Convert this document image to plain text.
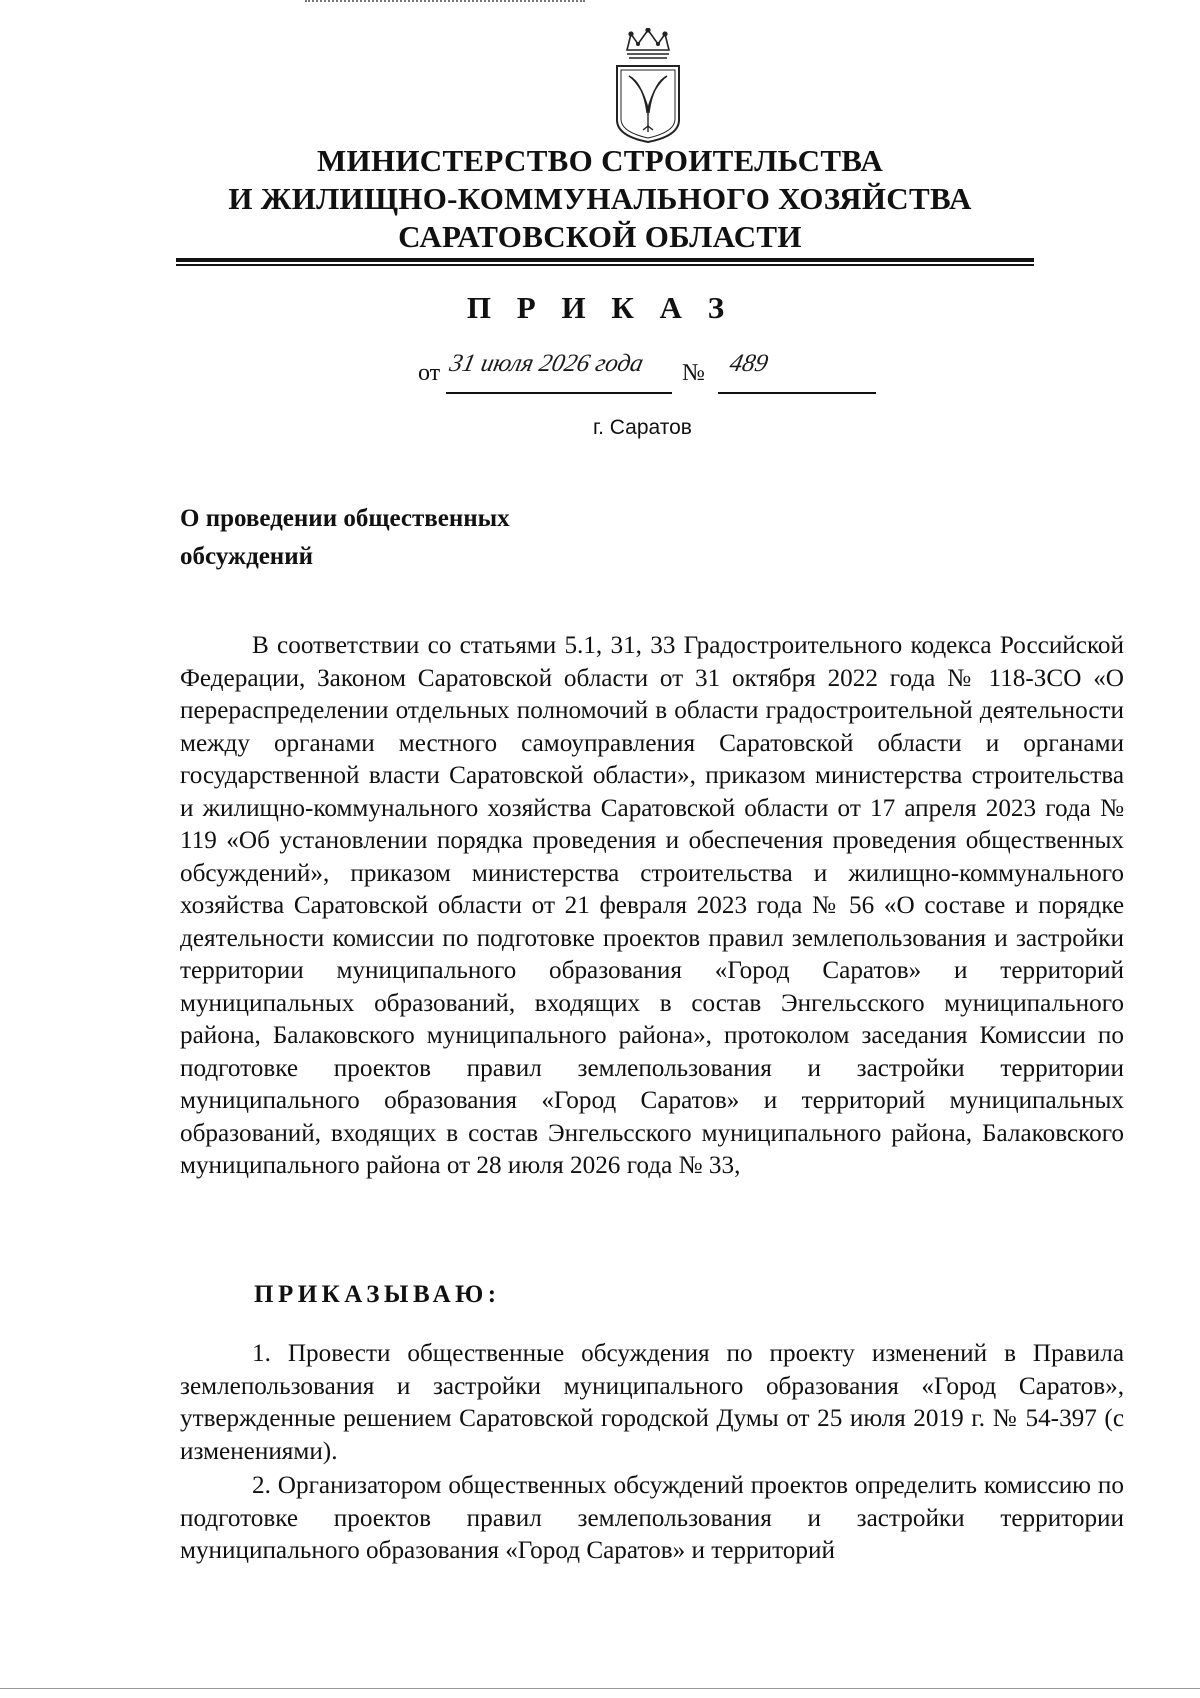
МИНИСТЕРСТВО СТРОИТЕЛЬСТВА
И ЖИЛИЩНО-КОММУНАЛЬНОГО ХОЗЯЙСТВА
САРАТОВСКОЙ ОБЛАСТИ
П Р И К А З
от 31 июля 2026 года № 489
г. Саратов
О проведении общественных
обсуждений
В соответствии со статьями 5.1, 31, 33 Градостроительного кодекса Российской Федерации, Законом Саратовской области от 31 октября 2022 года № 118-ЗСО «О перераспределении отдельных полномочий в области градостроительной деятельности между органами местного самоуправления Саратовской области и органами государственной власти Саратовской области», приказом министерства строительства и жилищно-коммунального хозяйства Саратовской области от 17 апреля 2023 года № 119 «Об установлении порядка проведения и обеспечения проведения общественных обсуждений», приказом министерства строительства и жилищно-коммунального хозяйства Саратовской области от 21 февраля 2023 года № 56 «О составе и порядке деятельности комиссии по подготовке проектов правил землепользования и застройки территории муниципального образования «Город Саратов» и территорий муниципальных образований, входящих в состав Энгельсского муниципального района, Балаковского муниципального района», протоколом заседания Комиссии по подготовке проектов правил землепользования и застройки территории муниципального образования «Город Саратов» и территорий муниципальных образований, входящих в состав Энгельсского муниципального района, Балаковского муниципального района от 28 июля 2026 года № 33,
ПРИКАЗЫВАЮ:
1. Провести общественные обсуждения по проекту изменений в Правила землепользования и застройки муниципального образования «Город Саратов», утвержденные решением Саратовской городской Думы от 25 июля 2019 г. № 54-397 (с изменениями).
2. Организатором общественных обсуждений проектов определить комиссию по подготовке проектов правил землепользования и застройки территории муниципального образования «Город Саратов» и территорий
